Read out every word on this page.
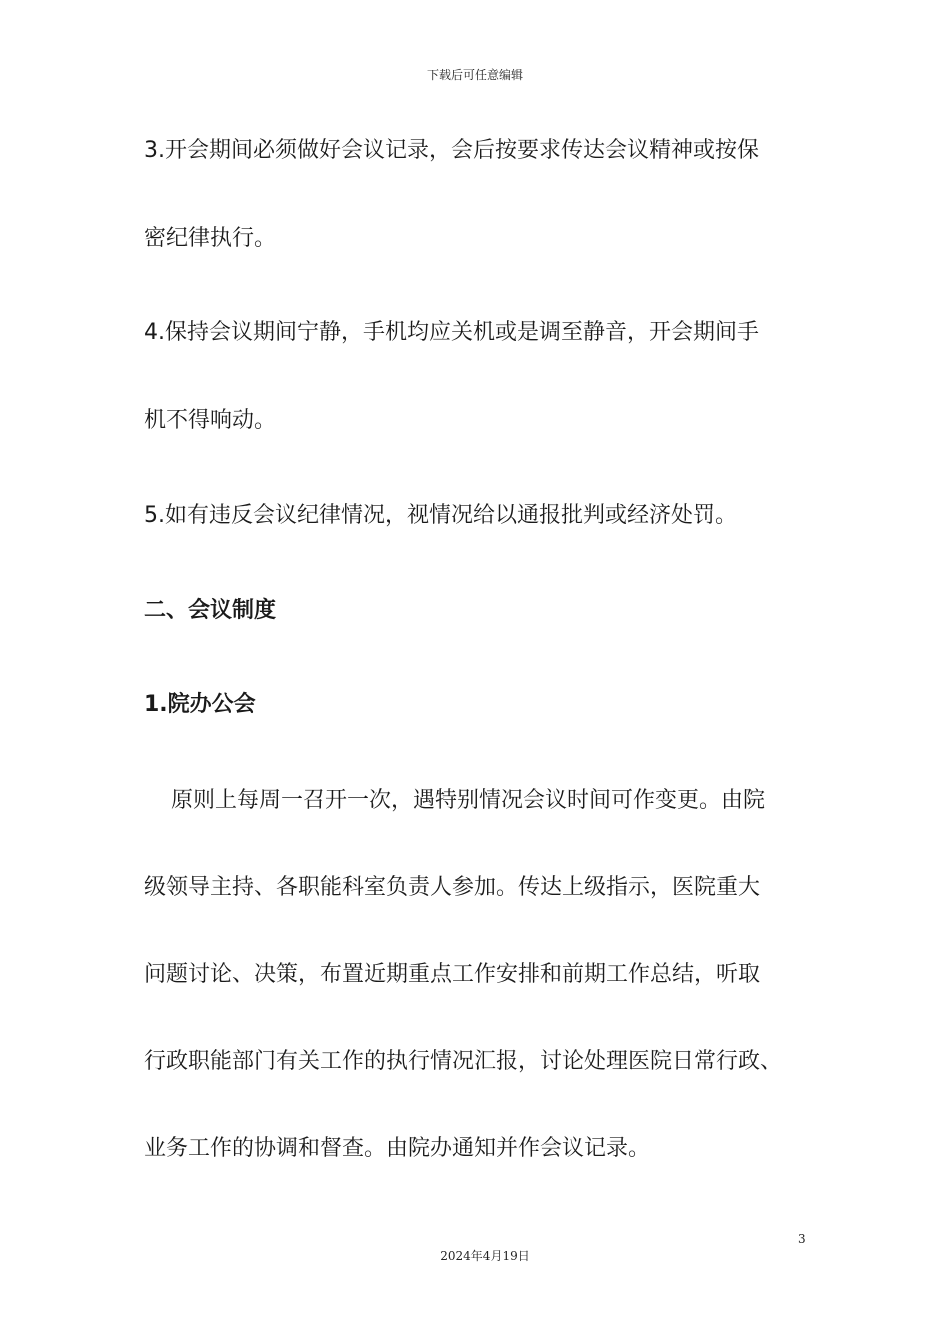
下载后可任意编辑
3.开会期间必须做好会议记录，会后按要求传达会议精神或按保
密纪律执行。
4.保持会议期间宁静，手机均应关机或是调至静音，开会期间手
机不得响动。
5.如有违反会议纪律情况，视情况给以通报批判或经济处罚。
二、会议制度
1.院办公会
原则上每周一召开一次，遇特别情况会议时间可作变更。由院
级领导主持、各职能科室负责人参加。传达上级指示，医院重大
问题讨论、决策，布置近期重点工作安排和前期工作总结，听取
行政职能部门有关工作的执行情况汇报，讨论处理医院日常行政、
业务工作的协调和督查。由院办通知并作会议记录。
3
2024年4月19日
